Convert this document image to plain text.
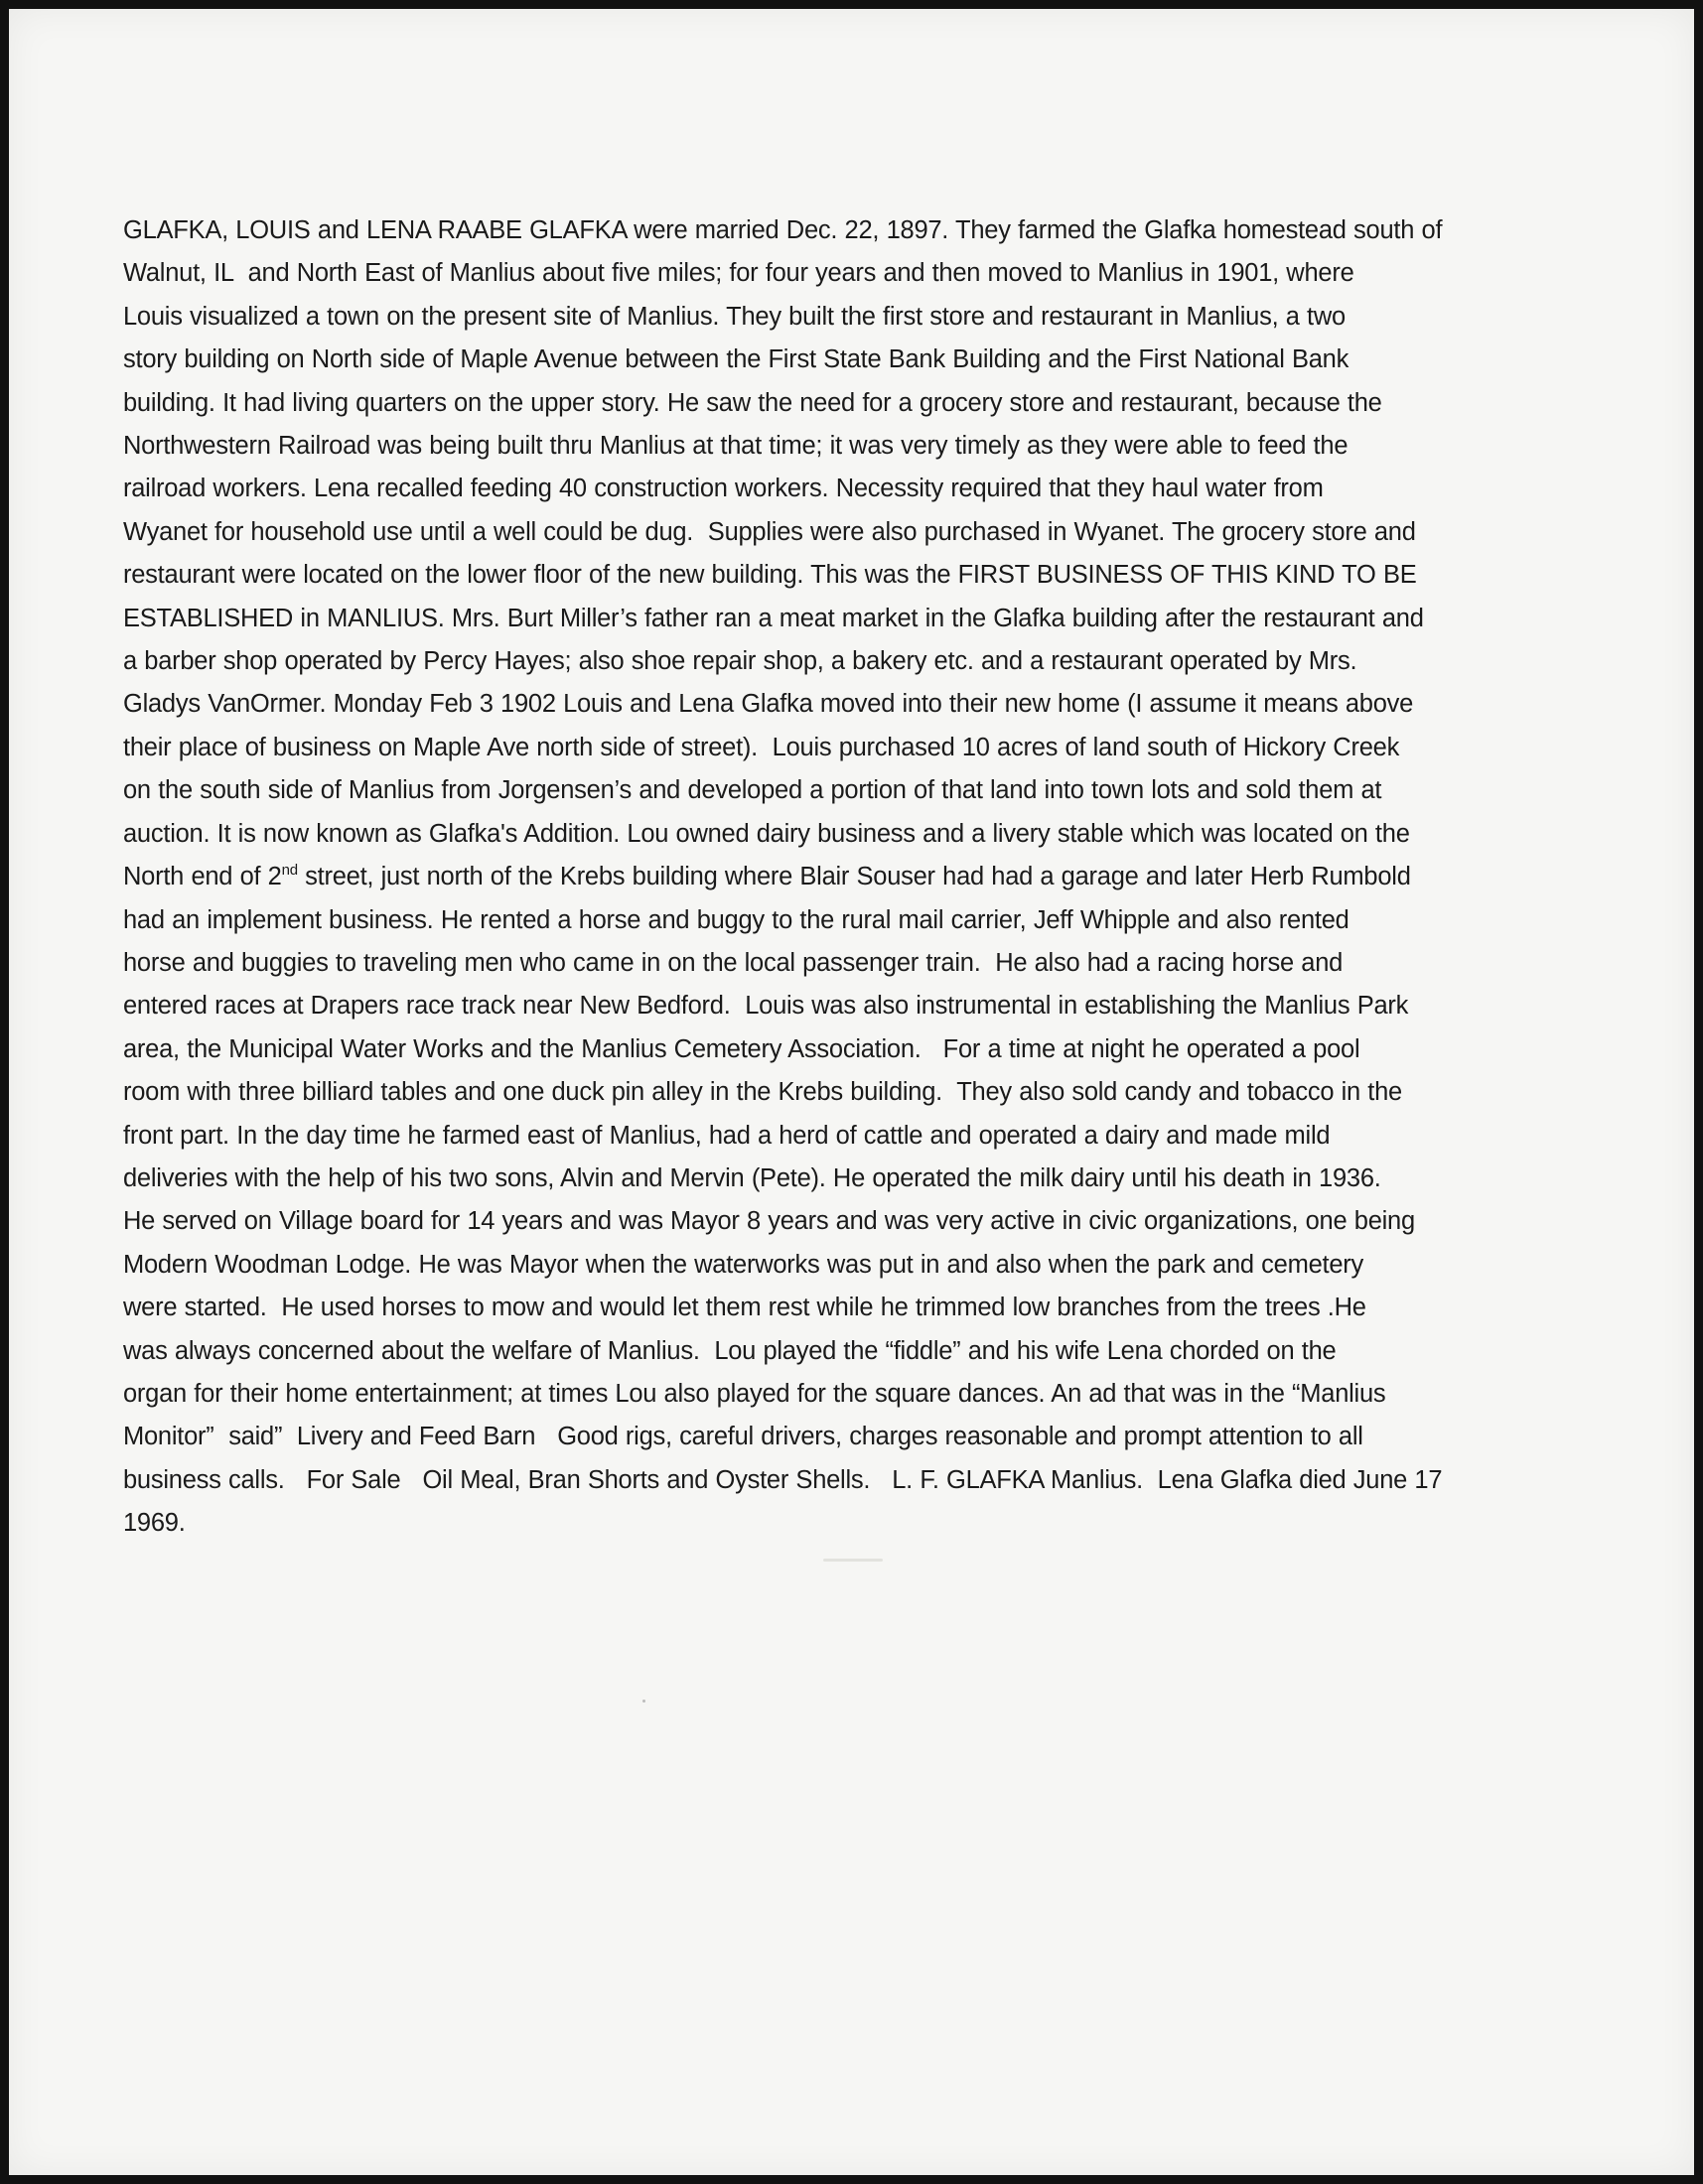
GLAFKA, LOUIS and LENA RAABE GLAFKA were married Dec. 22, 1897. They farmed the Glafka homestead south of
Walnut, IL  and North East of Manlius about five miles; for four years and then moved to Manlius in 1901, where
Louis visualized a town on the present site of Manlius. They built the first store and restaurant in Manlius, a two
story building on North side of Maple Avenue between the First State Bank Building and the First National Bank
building. It had living quarters on the upper story. He saw the need for a grocery store and restaurant, because the
Northwestern Railroad was being built thru Manlius at that time; it was very timely as they were able to feed the
railroad workers. Lena recalled feeding 40 construction workers. Necessity required that they haul water from
Wyanet for household use until a well could be dug.  Supplies were also purchased in Wyanet. The grocery store and
restaurant were located on the lower floor of the new building. This was the FIRST BUSINESS OF THIS KIND TO BE
ESTABLISHED in MANLIUS. Mrs. Burt Miller’s father ran a meat market in the Glafka building after the restaurant and
a barber shop operated by Percy Hayes; also shoe repair shop, a bakery etc. and a restaurant operated by Mrs.
Gladys VanOrmer. Monday Feb 3 1902 Louis and Lena Glafka moved into their new home (I assume it means above
their place of business on Maple Ave north side of street).  Louis purchased 10 acres of land south of Hickory Creek
on the south side of Manlius from Jorgensen’s and developed a portion of that land into town lots and sold them at
auction. It is now known as Glafka's Addition. Lou owned dairy business and a livery stable which was located on the
North end of 2nd street, just north of the Krebs building where Blair Souser had had a garage and later Herb Rumbold
had an implement business. He rented a horse and buggy to the rural mail carrier, Jeff Whipple and also rented
horse and buggies to traveling men who came in on the local passenger train.  He also had a racing horse and
entered races at Drapers race track near New Bedford.  Louis was also instrumental in establishing the Manlius Park
area, the Municipal Water Works and the Manlius Cemetery Association.   For a time at night he operated a pool
room with three billiard tables and one duck pin alley in the Krebs building.  They also sold candy and tobacco in the
front part. In the day time he farmed east of Manlius, had a herd of cattle and operated a dairy and made mild
deliveries with the help of his two sons, Alvin and Mervin (Pete). He operated the milk dairy until his death in 1936.
He served on Village board for 14 years and was Mayor 8 years and was very active in civic organizations, one being
Modern Woodman Lodge. He was Mayor when the waterworks was put in and also when the park and cemetery
were started.  He used horses to mow and would let them rest while he trimmed low branches from the trees .He
was always concerned about the welfare of Manlius.  Lou played the “fiddle” and his wife Lena chorded on the
organ for their home entertainment; at times Lou also played for the square dances. An ad that was in the “Manlius
Monitor”  said”  Livery and Feed Barn   Good rigs, careful drivers, charges reasonable and prompt attention to all
business calls.   For Sale   Oil Meal, Bran Shorts and Oyster Shells.   L. F. GLAFKA Manlius.  Lena Glafka died June 17
1969.
